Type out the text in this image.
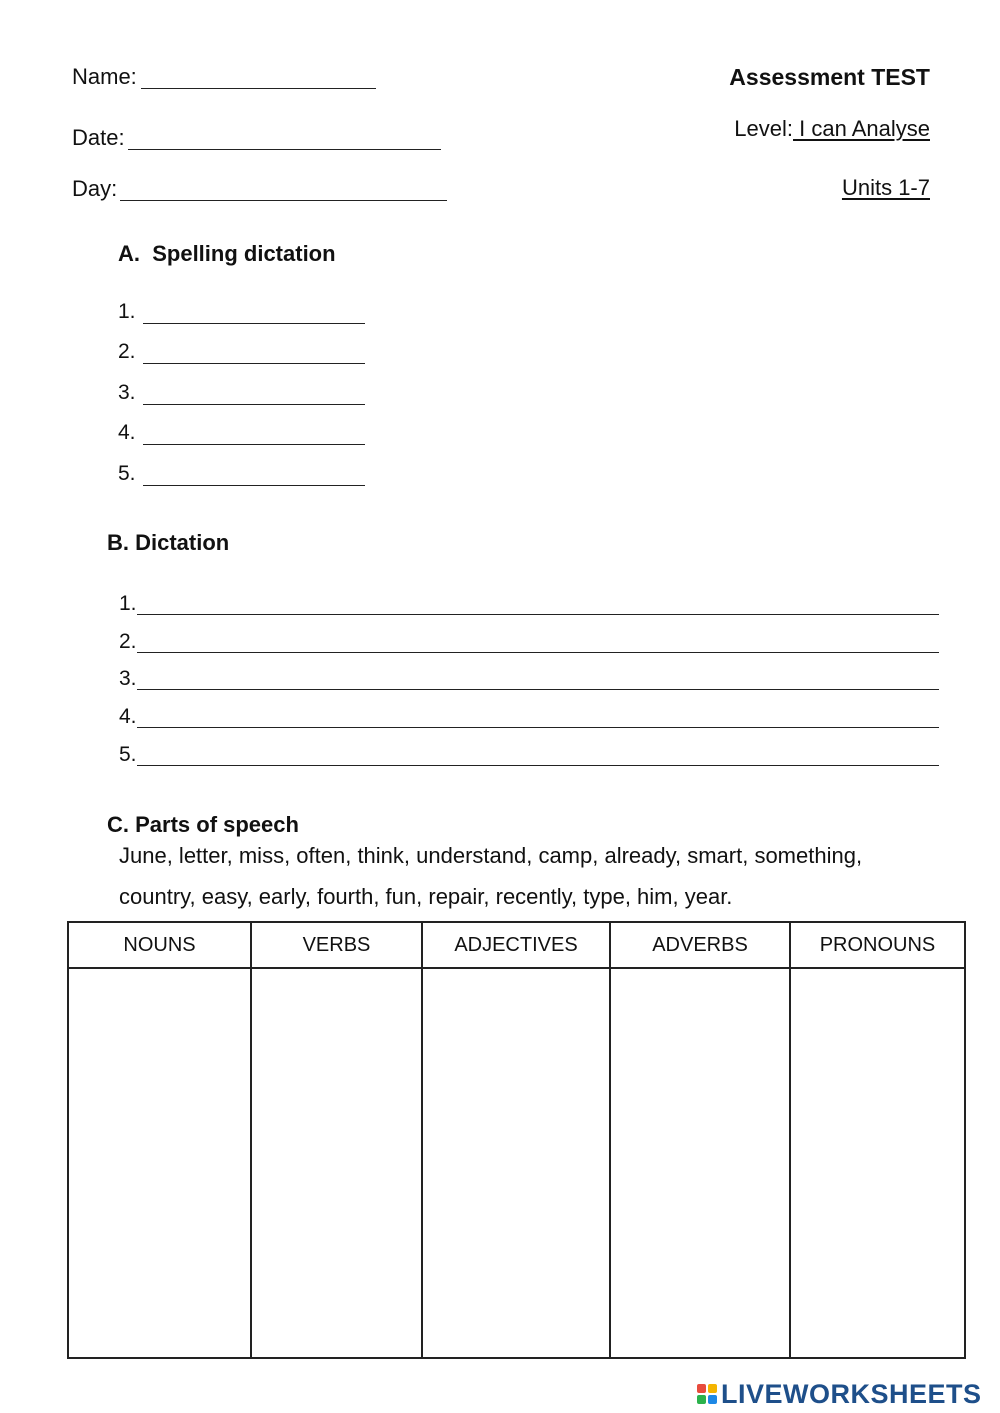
Name:
Date:
Day:
Assessment TEST
Level: I can Analyse
Units 1-7
A.  Spelling dictation
1.
2.
3.
4.
5.
B. Dictation
1.
2.
3.
4.
5.
C. Parts of speech
June, letter, miss, often, think, understand, camp, already, smart, something,
country, easy, early, fourth, fun, repair, recently, type, him, year.
NOUNS	VERBS	ADJECTIVES	ADVERBS	PRONOUNS

LIVEWORKSHEETS
